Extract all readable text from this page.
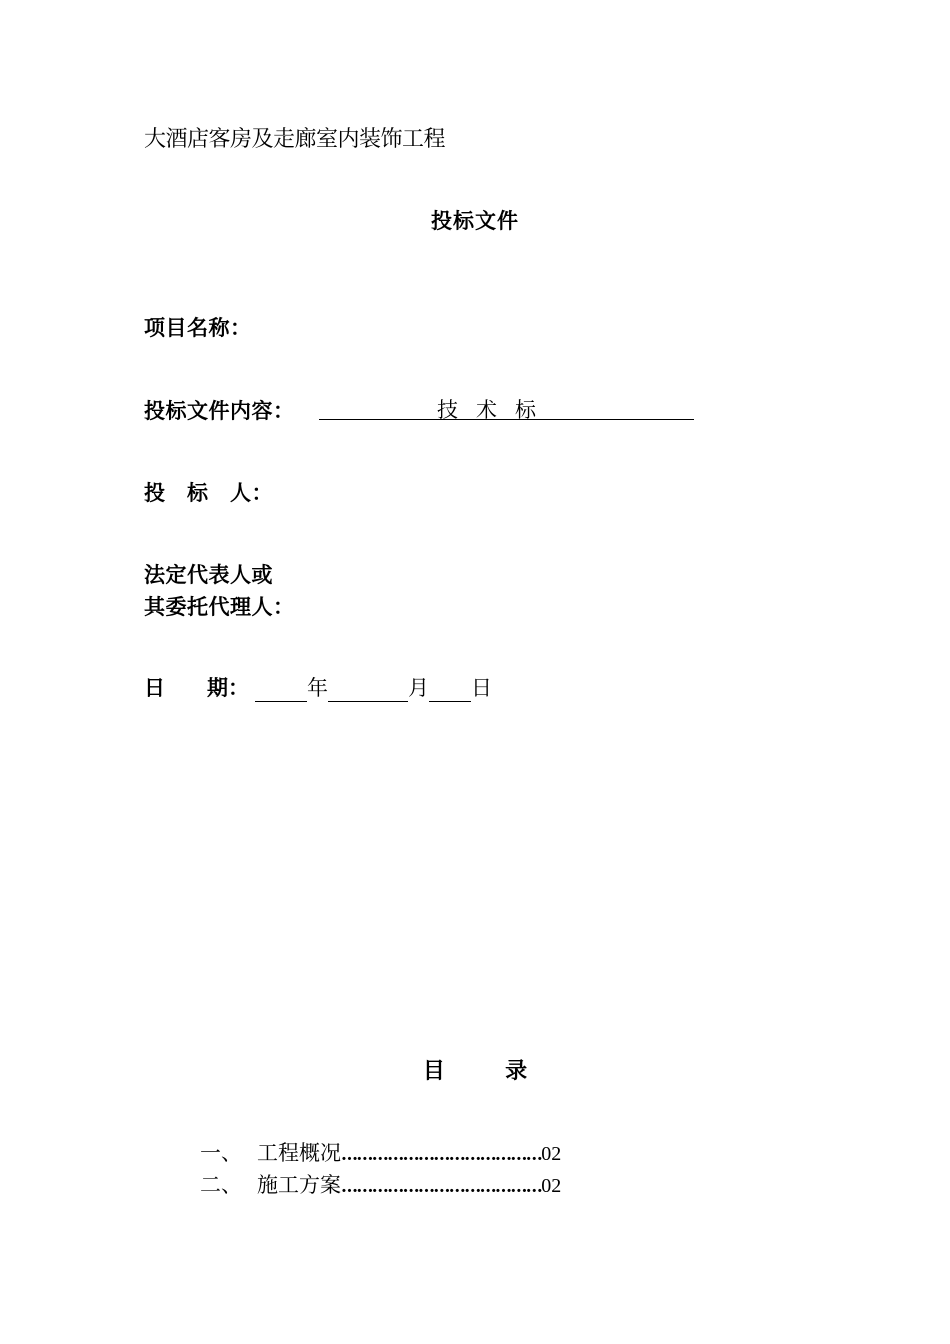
大酒店客房及走廊室内装饰工程
投标文件
项目名称：
投标文件内容：	技术标
投　标　人：
法定代表人或
其委托代理人：
日　　期：
	年
	月
日
目	录
一、 工程概况 ………………………………… 02
二、 施工方案 ………………………………… 02
